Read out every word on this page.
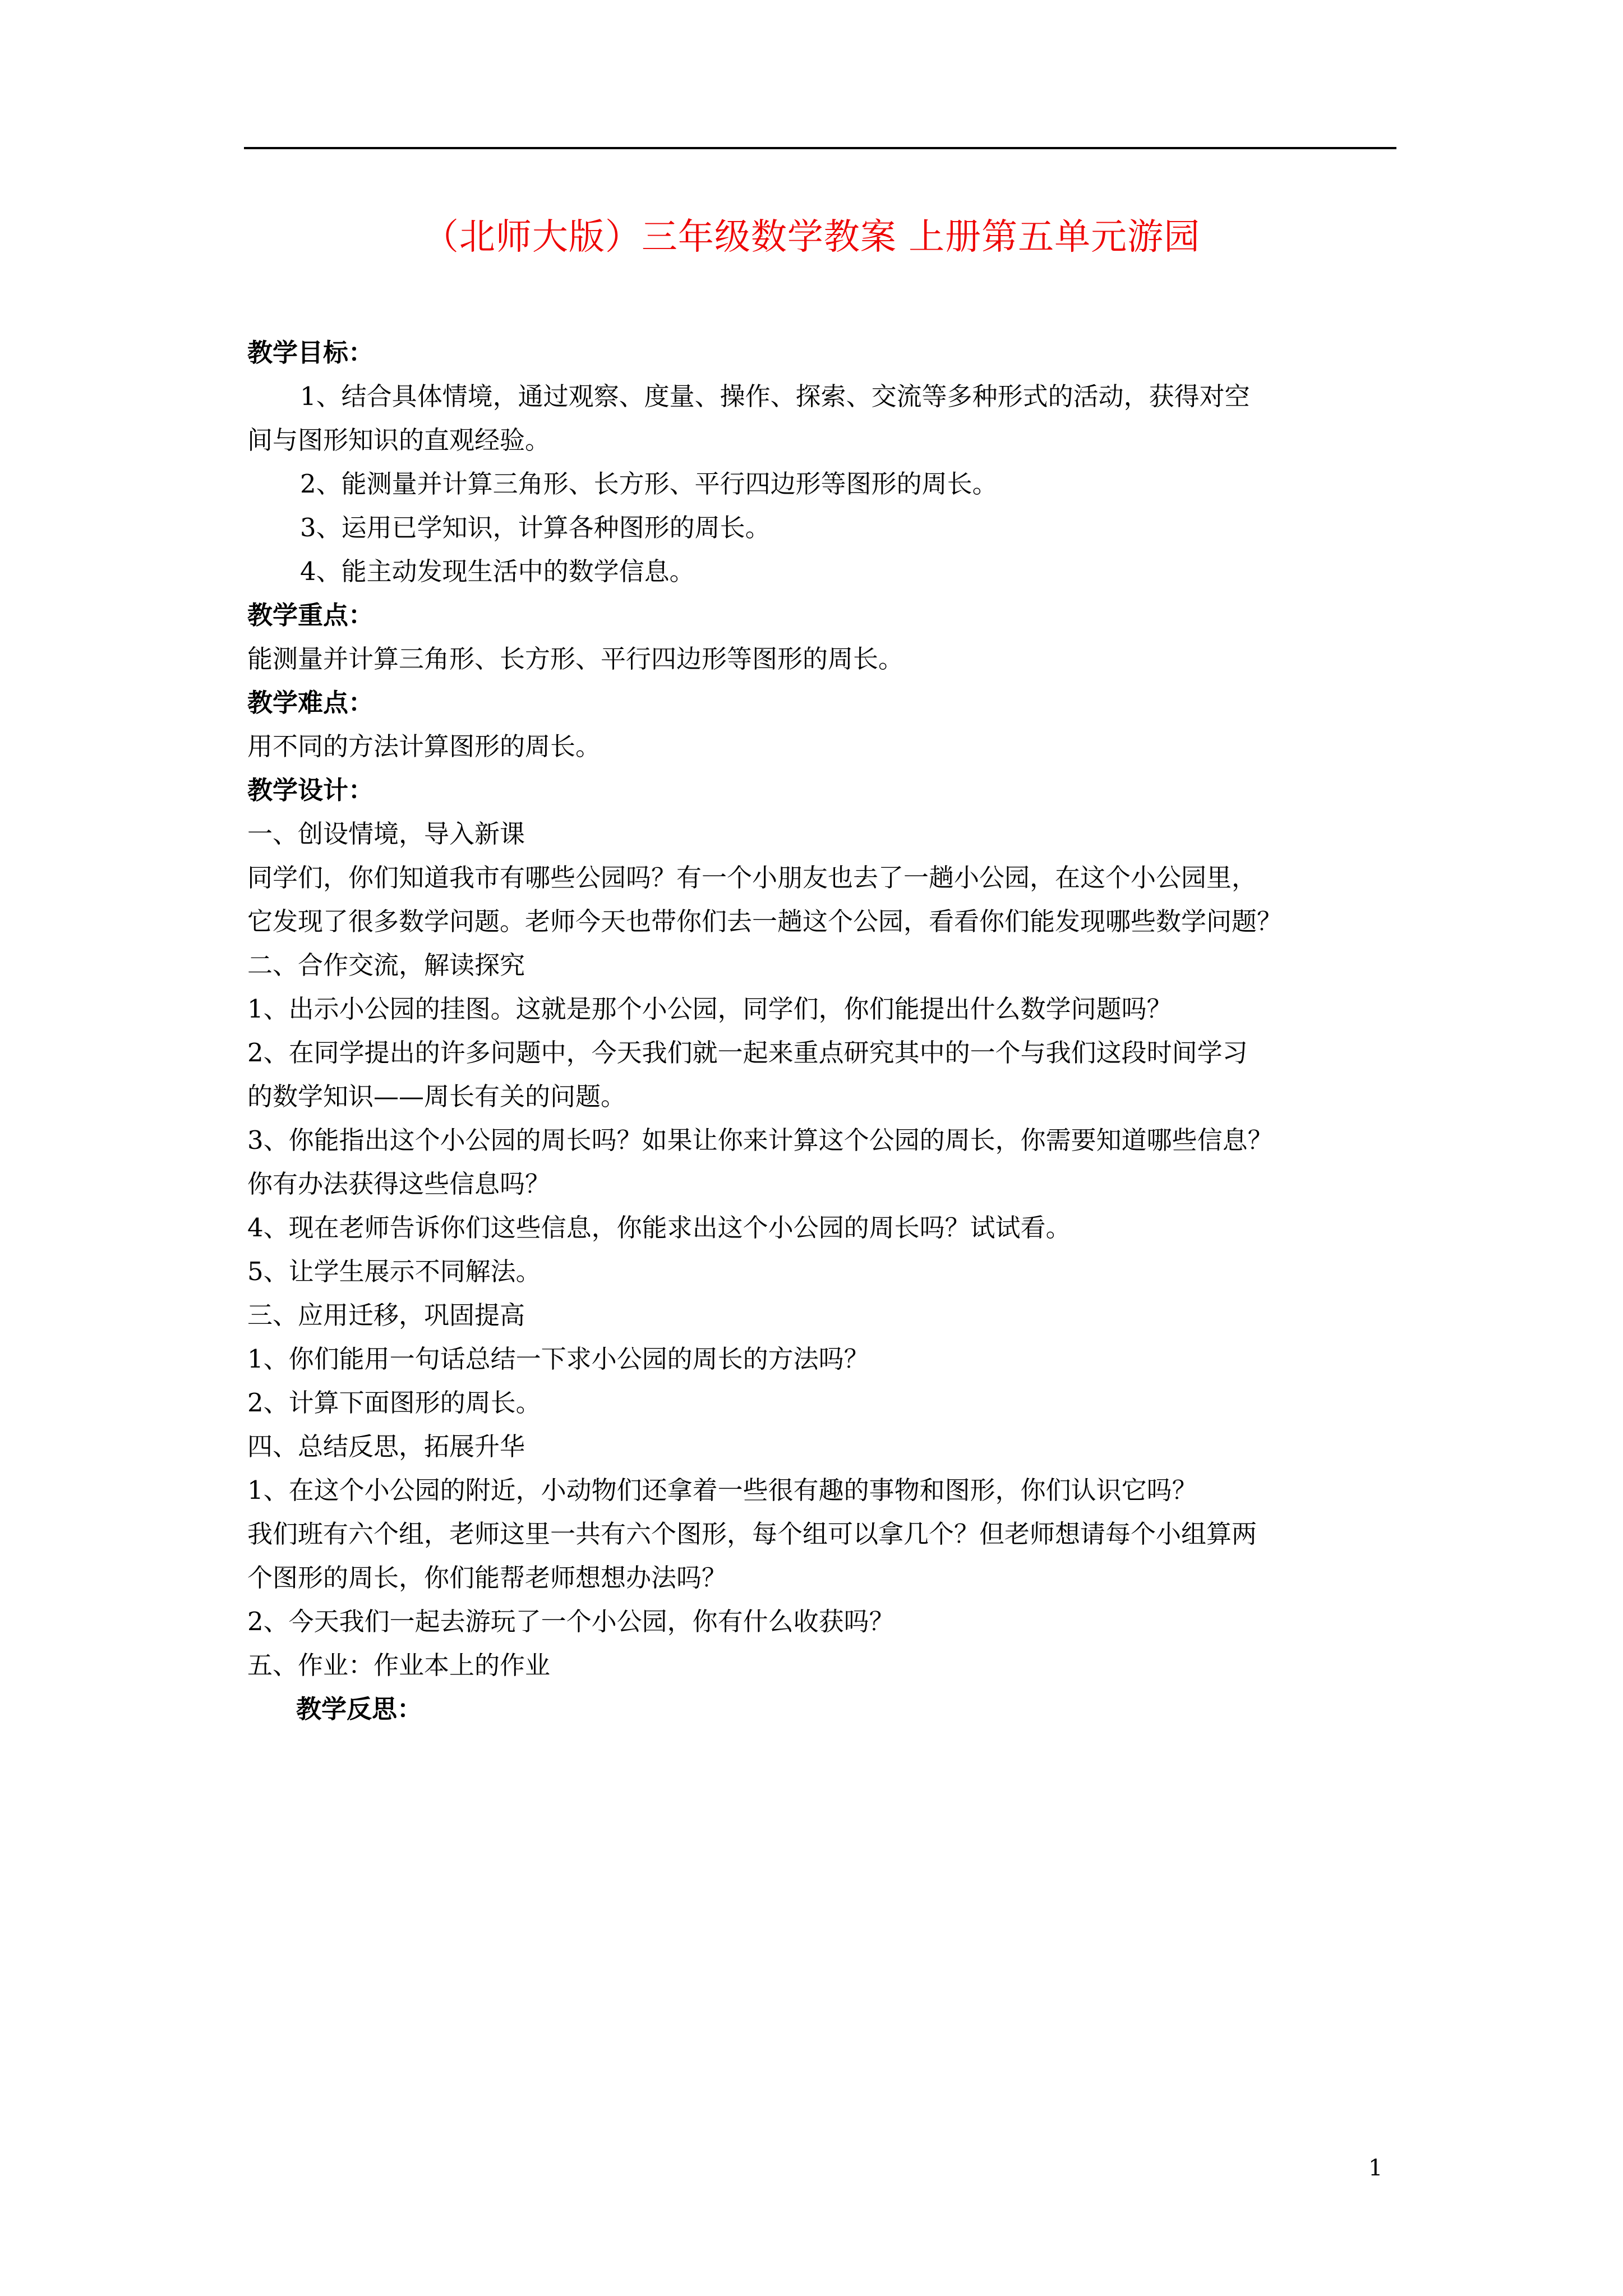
（北师大版）三年级数学教案 上册第五单元游园
教学目标：
1、结合具体情境，通过观察、度量、操作、探索、交流等多种形式的活动，获得对空
间与图形知识的直观经验。
2、能测量并计算三角形、长方形、平行四边形等图形的周长。
3、运用已学知识，计算各种图形的周长。
4、能主动发现生活中的数学信息。
教学重点：
能测量并计算三角形、长方形、平行四边形等图形的周长。
教学难点：
用不同的方法计算图形的周长。
教学设计：
一、创设情境，导入新课
同学们，你们知道我市有哪些公园吗？有一个小朋友也去了一趟小公园，在这个小公园里，
它发现了很多数学问题。老师今天也带你们去一趟这个公园，看看你们能发现哪些数学问题？
二、合作交流，解读探究
1、出示小公园的挂图。这就是那个小公园，同学们，你们能提出什么数学问题吗？
2、在同学提出的许多问题中，今天我们就一起来重点研究其中的一个与我们这段时间学习
的数学知识——周长有关的问题。
3、你能指出这个小公园的周长吗？如果让你来计算这个公园的周长，你需要知道哪些信息？
你有办法获得这些信息吗？
4、现在老师告诉你们这些信息，你能求出这个小公园的周长吗？试试看。
5、让学生展示不同解法。
三、应用迁移，巩固提高
1、你们能用一句话总结一下求小公园的周长的方法吗？
2、计算下面图形的周长。
四、总结反思，拓展升华
1、在这个小公园的附近，小动物们还拿着一些很有趣的事物和图形，你们认识它吗？
我们班有六个组，老师这里一共有六个图形，每个组可以拿几个？但老师想请每个小组算两
个图形的周长，你们能帮老师想想办法吗？
2、今天我们一起去游玩了一个小公园，你有什么收获吗？
五、作业：作业本上的作业
教学反思：
1
